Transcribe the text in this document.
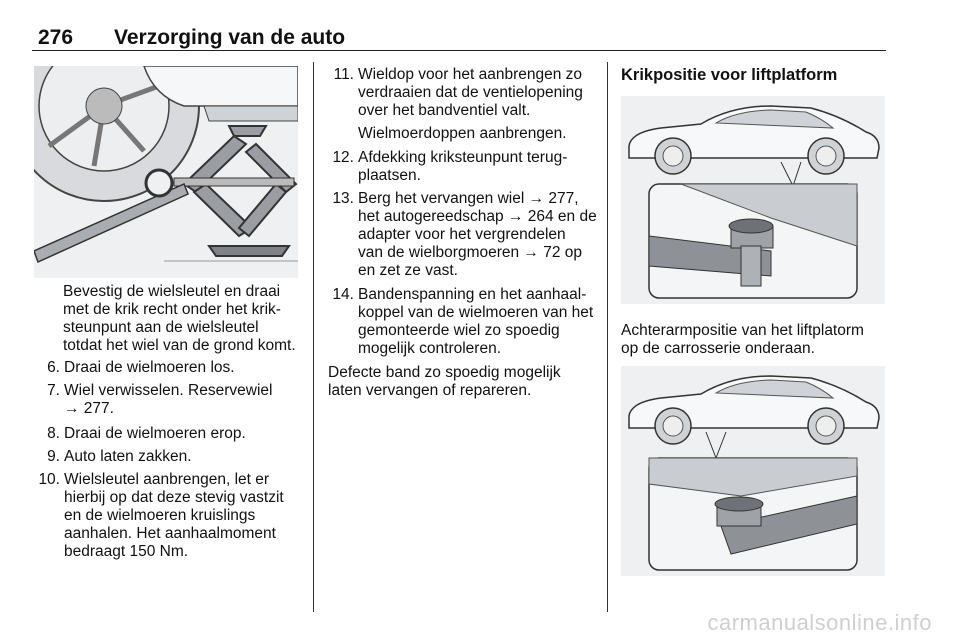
276 Verzorging van de auto
Bevestig de wielsleutel en draai
met de krik recht onder het krik-
steunpunt aan de wielsleutel
totdat het wiel van de grond komt.
6. Draai de wielmoeren los.
7. Wiel verwisselen. Reservewiel
→ 277.
8. Draai de wielmoeren erop.
9. Auto laten zakken.
10. Wielsleutel aanbrengen, let er
hierbij op dat deze stevig vastzit
en de wielmoeren kruislings
aanhalen. Het aanhaalmoment
bedraagt 150 Nm.
11. Wieldop voor het aanbrengen zo
verdraaien dat de ventielopening
over het bandventiel valt.
Wielmoerdoppen aanbrengen.
12. Afdekking kriksteunpunt terug-
plaatsen.
13. Berg het vervangen wiel → 277,
het autogereedschap → 264 en de
adapter voor het vergrendelen
van de wielborgmoeren → 72 op
en zet ze vast.
14. Bandenspanning en het aanhaal-
koppel van de wielmoeren van het
gemonteerde wiel zo spoedig
mogelijk controleren.
Defecte band zo spoedig mogelijk
laten vervangen of repareren.
Krikpositie voor liftplatform
Achterarmpositie van het liftplatorm
op de carrosserie onderaan.
carmanualsonline.info
